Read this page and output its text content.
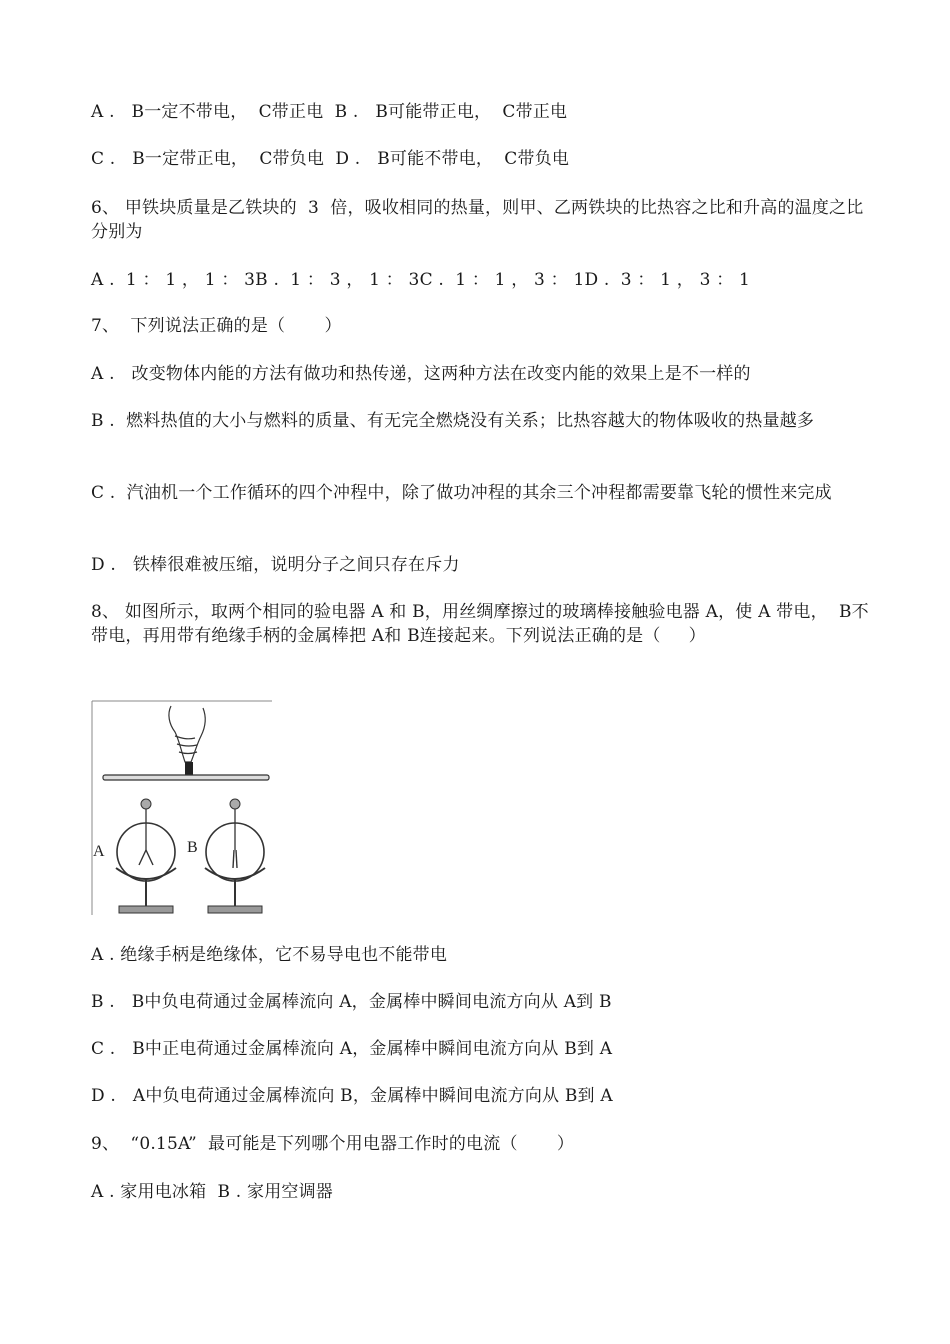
A .   B一定不带电，  C带正电  B .   B可能带正电，  C带正电
C .   B一定带正电，  C带负电  D .   B可能不带电，  C带负电
6、 甲铁块质量是乙铁块的  3  倍，吸收相同的热量，则甲、乙两铁块的比热容之比和升高的温度之比分别为
A .  1 ： 1 ， 1 ： 3B .  1 ： 3 ， 1 ： 3C .  1 ： 1 ， 3 ： 1D .  3 ： 1 ， 3 ： 1
7、  下列说法正确的是（       ）
A .   改变物体内能的方法有做功和热传递，这两种方法在改变内能的效果上是不一样的
B .  燃料热值的大小与燃料的质量、有无完全燃烧没有关系；比热容越大的物体吸收的热量越多
C .  汽油机一个工作循环的四个冲程中，除了做功冲程的其余三个冲程都需要靠飞轮的惯性来完成
D .   铁棒很难被压缩，说明分子之间只存在斥力
8、 如图所示，取两个相同的验电器 A 和 B，用丝绸摩擦过的玻璃棒接触验电器 A，使 A 带电，  B不带电，再用带有绝缘手柄的金属棒把 A和 B连接起来。下列说法正确的是（     ）
A	B
A . 绝缘手柄是绝缘体，它不易导电也不能带电
B .   B中负电荷通过金属棒流向 A，金属棒中瞬间电流方向从 A到 B
C .   B中正电荷通过金属棒流向 A，金属棒中瞬间电流方向从 B到 A
D .   A中负电荷通过金属棒流向 B，金属棒中瞬间电流方向从 B到 A
9、  “0.15A”  最可能是下列哪个用电器工作时的电流（       ）
A . 家用电冰箱  B . 家用空调器
